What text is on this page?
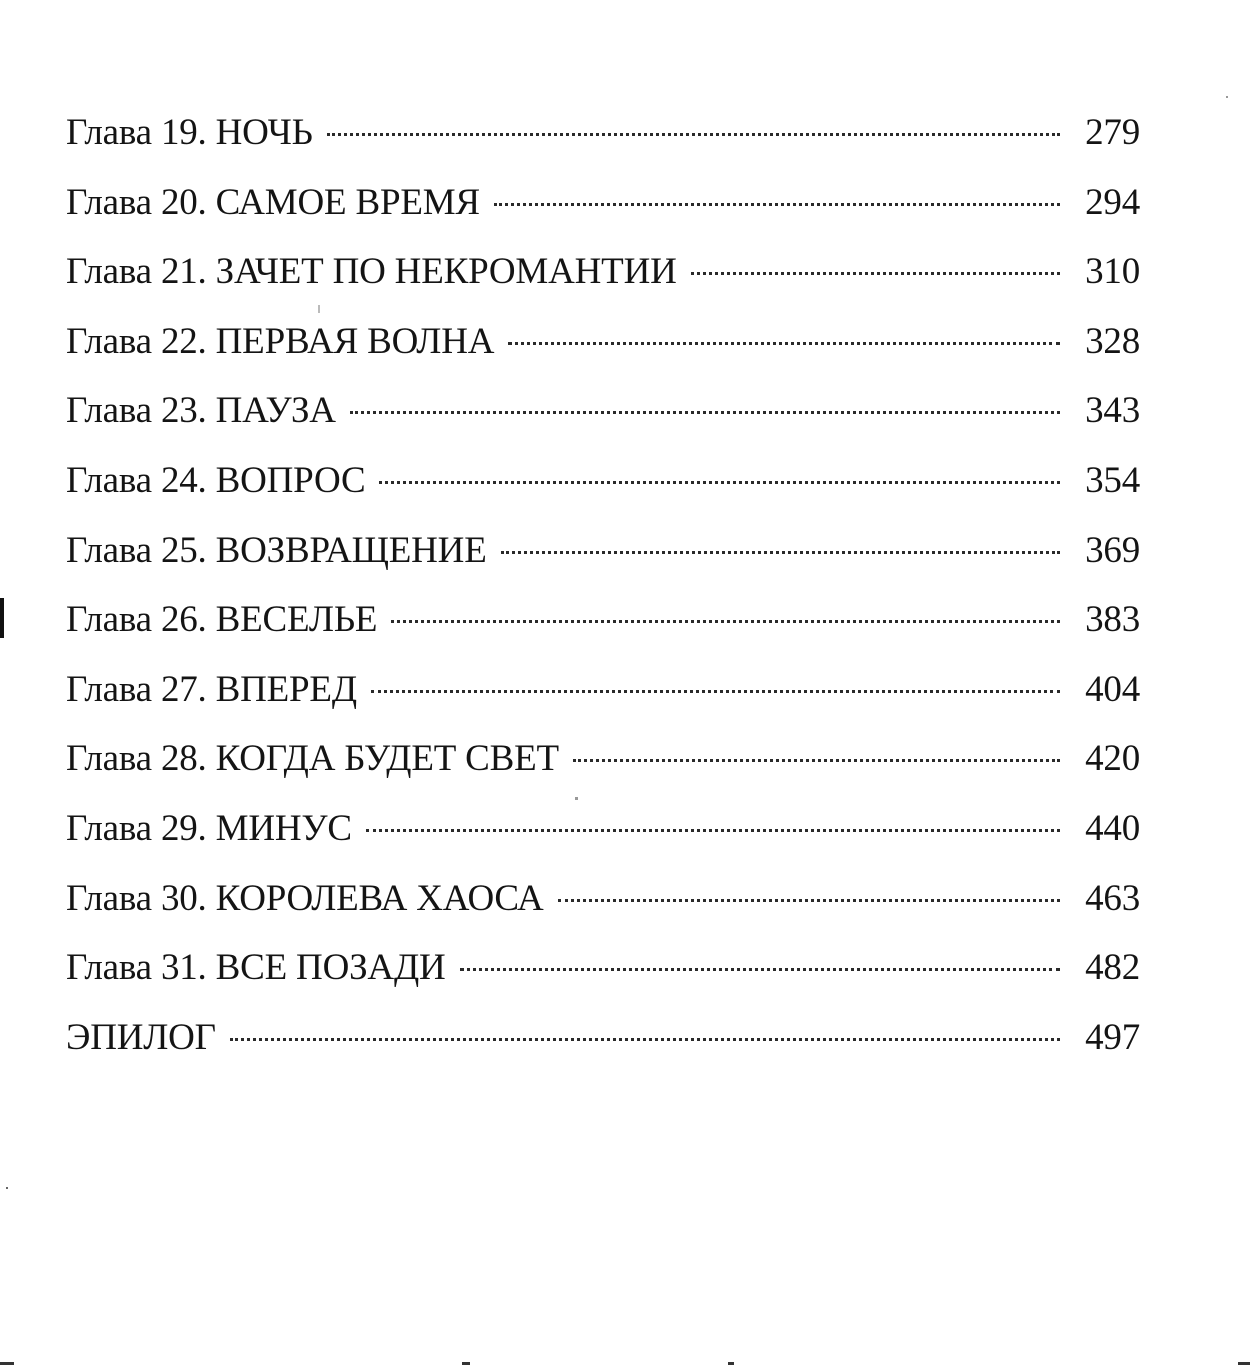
Глава 19. НОЧЬ	279
Глава 20. САМОЕ ВРЕМЯ	294
Глава 21. ЗАЧЕТ ПО НЕКРОМАНТИИ	310
Глава 22. ПЕРВАЯ ВОЛНА	328
Глава 23. ПАУЗА	343
Глава 24. ВОПРОС	354
Глава 25. ВОЗВРАЩЕНИЕ	369
Глава 26. ВЕСЕЛЬЕ	383
Глава 27. ВПЕРЕД	404
Глава 28. КОГДА БУДЕТ СВЕТ	420
Глава 29. МИНУС	440
Глава 30. КОРОЛЕВА ХАОСА	463
Глава 31. ВСЕ ПОЗАДИ	482
ЭПИЛОГ	497
